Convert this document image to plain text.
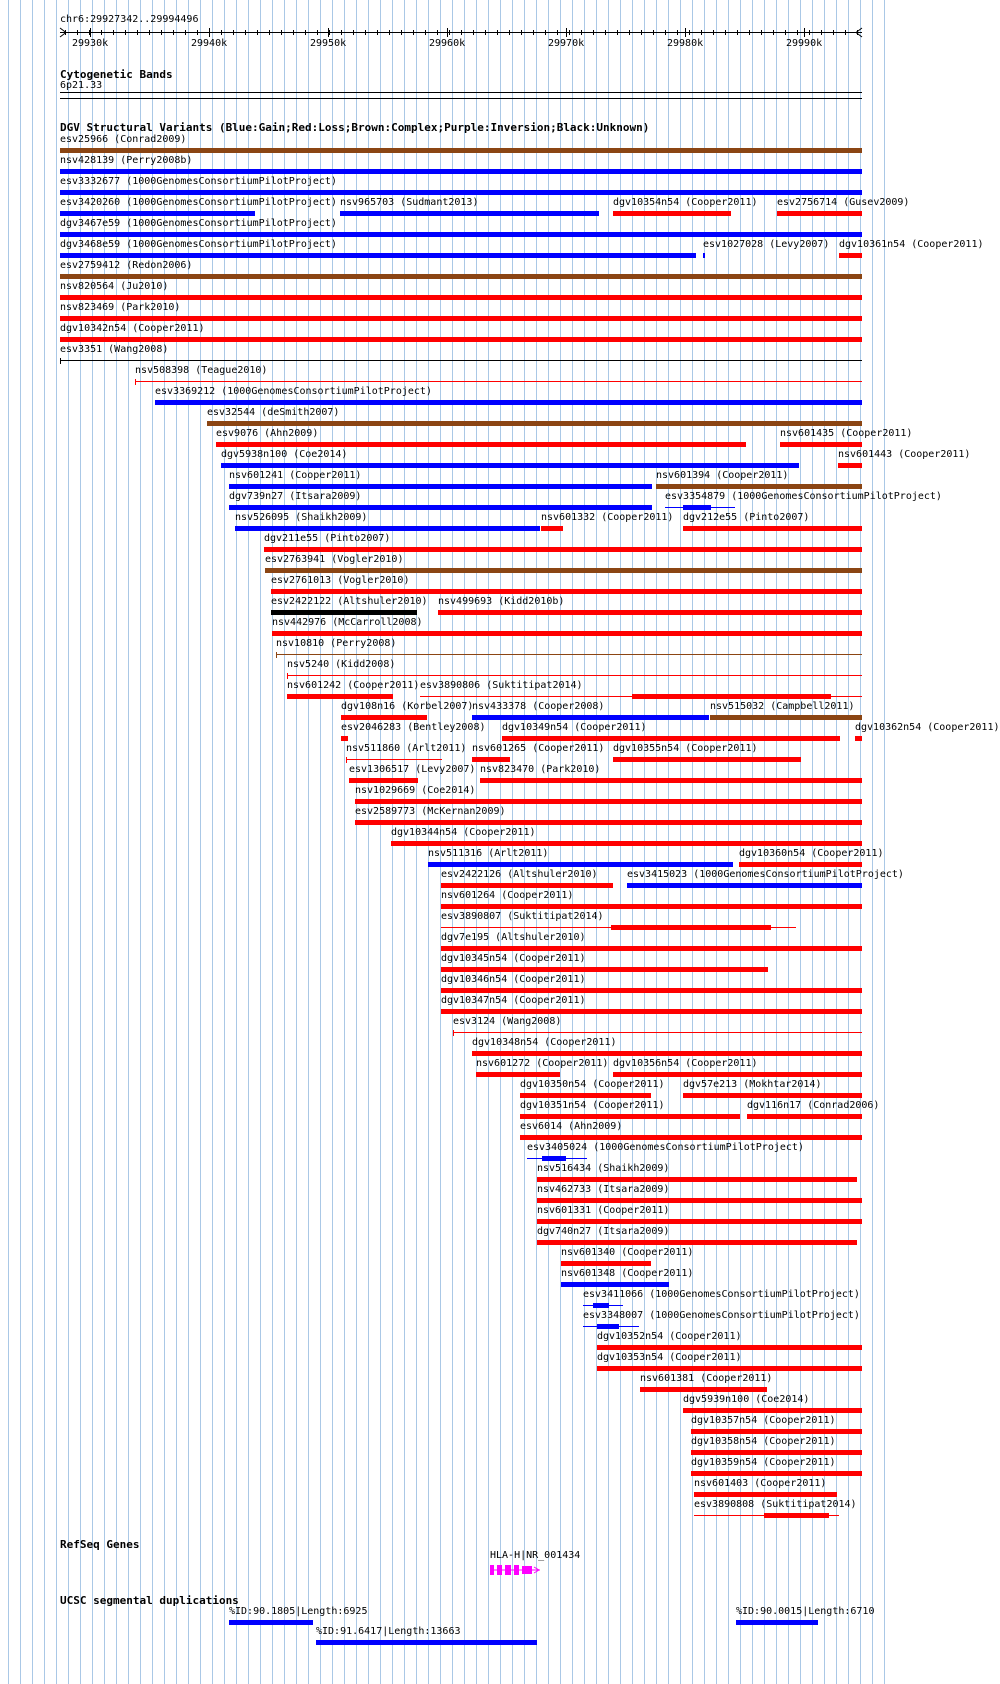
chr6:29927342..29994496
29930k	29940k	29950k	29960k	29970k	29980k	29990k
Cytogenetic Bands
6p21.33
DGV Structural Variants (Blue:Gain;Red:Loss;Brown:Complex;Purple:Inversion;Black:Unknown)
esv25966 (Conrad2009)
nsv428139 (Perry2008b)
esv3332677 (1000GenomesConsortiumPilotProject)
esv3420260 (1000GenomesConsortiumPilotProject) nsv965703 (Sudmant2013)	dgv10354n54 (Cooper2011) esv2756714 (Gusev2009)
dgv3467e59 (1000GenomesConsortiumPilotProject)
dgv3468e59 (1000GenomesConsortiumPilotProject)	esv1027028 (Levy2007) dgv10361n54 (Cooper2011)
esv2759412 (Redon2006)
nsv820564 (Ju2010)
nsv823469 (Park2010)
dgv10342n54 (Cooper2011)
esv3351 (Wang2008)
nsv508398 (Teague2010)
esv3369212 (1000GenomesConsortiumPilotProject)
esv32544 (deSmith2007)
esv9076 (Ahn2009)	nsv601435 (Cooper2011)
dgv5938n100 (Coe2014)	nsv601443 (Cooper2011)
nsv601241 (Cooper2011)	nsv601394 (Cooper2011)
dgv739n27 (Itsara2009)	esv3354879 (1000GenomesConsortiumPilotProject)
nsv526095 (Shaikh2009)	nsv601332 (Cooper2011) dgv212e55 (Pinto2007)
dgv211e55 (Pinto2007)
esv2763941 (Vogler2010)
esv2761013 (Vogler2010)
esv2422122 (Altshuler2010) nsv499693 (Kidd2010b)
nsv442976 (McCarroll2008)
nsv10810 (Perry2008)
nsv5240 (Kidd2008)
nsv601242 (Cooper2011) esv3890806 (Suktitipat2014)
dgv108n16 (Korbel2007)
nsv433378 (Cooper2008)	nsv515032 (Campbell2011)
esv2046283 (Bentley2008) dgv10349n54 (Cooper2011)	dgv10362n54 (Cooper2011)
nsv511860 (Arlt2011) nsv601265 (Cooper2011) dgv10355n54 (Cooper2011)
esv1306517 (Levy2007) nsv823470 (Park2010)
nsv1029669 (Coe2014)
esv2589773 (McKernan2009)
dgv10344n54 (Cooper2011)
nsv511316 (Arlt2011)	dgv10360n54 (Cooper2011)
esv2422126 (Altshuler2010)	esv3415023 (1000GenomesConsortiumPilotProject)
nsv601264 (Cooper2011)
esv3890807 (Suktitipat2014)
dgv7e195 (Altshuler2010)
dgv10345n54 (Cooper2011)
dgv10346n54 (Cooper2011)
dgv10347n54 (Cooper2011)
esv3124 (Wang2008)
dgv10348n54 (Cooper2011)
nsv601272 (Cooper2011) dgv10356n54 (Cooper2011)
dgv10350n54 (Cooper2011) dgv57e213 (Mokhtar2014)
dgv10351n54 (Cooper2011)	dgv116n17 (Conrad2006)
esv6014 (Ahn2009)
esv3405024 (1000GenomesConsortiumPilotProject)
nsv516434 (Shaikh2009)
nsv462733 (Itsara2009)
nsv601331 (Cooper2011)
dgv740n27 (Itsara2009)
nsv601340 (Cooper2011)
nsv601348 (Cooper2011)
esv3411066 (1000GenomesConsortiumPilotProject)
esv3348007 (1000GenomesConsortiumPilotProject)
dgv10352n54 (Cooper2011)
dgv10353n54 (Cooper2011)
nsv601381 (Cooper2011)
dgv5939n100 (Coe2014)
dgv10357n54 (Cooper2011)
dgv10358n54 (Cooper2011)
dgv10359n54 (Cooper2011)
nsv601403 (Cooper2011)
esv3890808 (Suktitipat2014)
RefSeq Genes
HLA-H|NR_001434
UCSC segmental duplications
%ID:90.1805|Length:6925	%ID:90.0015|Length:6710
%ID:91.6417|Length:13663
